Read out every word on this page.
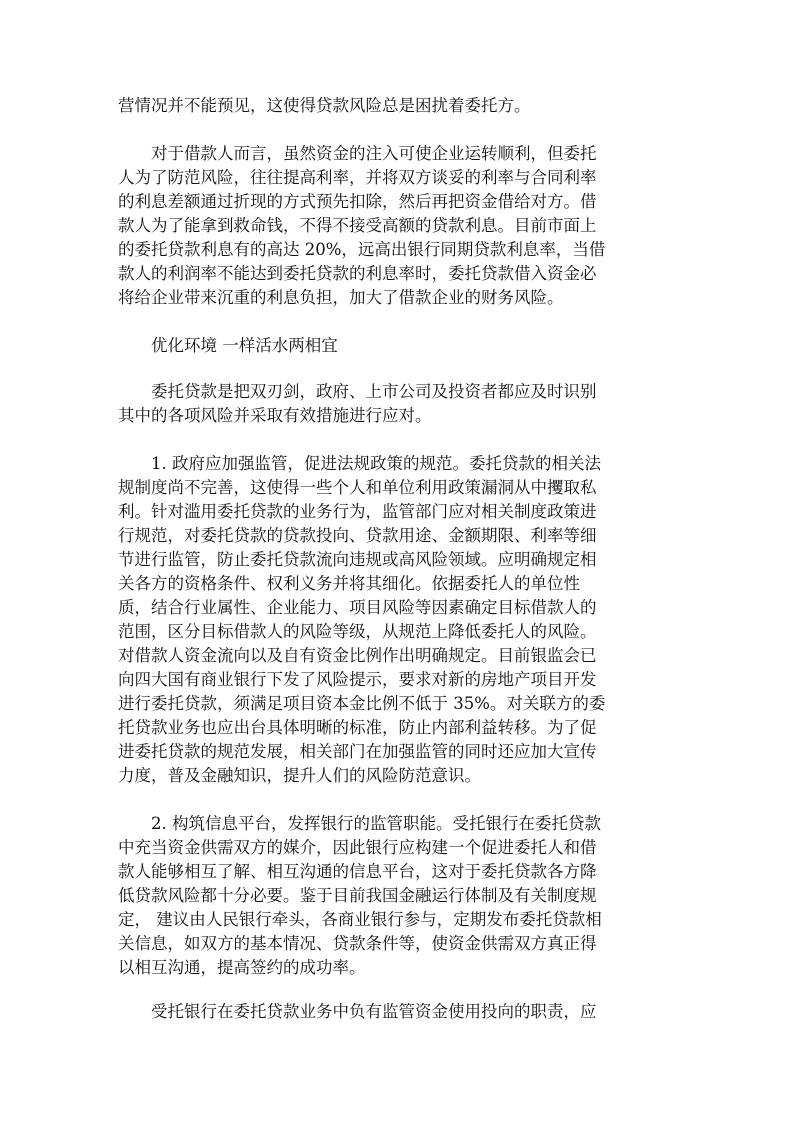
营情况并不能预见，这使得贷款风险总是困扰着委托方。

对于借款人而言，虽然资金的注入可使企业运转顺利，但委托
人为了防范风险，往往提高利率，并将双方谈妥的利率与合同利率
的利息差额通过折现的方式预先扣除，然后再把资金借给对方。借
款人为了能拿到救命钱，不得不接受高额的贷款利息。目前市面上
的委托贷款利息有的高达 20%，远高出银行同期贷款利息率，当借
款人的利润率不能达到委托贷款的利息率时，委托贷款借入资金必
将给企业带来沉重的利息负担，加大了借款企业的财务风险。

优化环境 一样活水两相宜

委托贷款是把双刃剑，政府、上市公司及投资者都应及时识别
其中的各项风险并采取有效措施进行应对。

1. 政府应加强监管，促进法规政策的规范。委托贷款的相关法
规制度尚不完善，这使得一些个人和单位利用政策漏洞从中攫取私
利。针对滥用委托贷款的业务行为，监管部门应对相关制度政策进
行规范，对委托贷款的贷款投向、贷款用途、金额期限、利率等细
节进行监管，防止委托贷款流向违规或高风险领域。应明确规定相
关各方的资格条件、权利义务并将其细化。依据委托人的单位性
质，结合行业属性、企业能力、项目风险等因素确定目标借款人的
范围，区分目标借款人的风险等级，从规范上降低委托人的风险。
对借款人资金流向以及自有资金比例作出明确规定。目前银监会已
向四大国有商业银行下发了风险提示，要求对新的房地产项目开发
进行委托贷款，须满足项目资本金比例不低于 35%。对关联方的委
托贷款业务也应出台具体明晰的标准，防止内部利益转移。为了促
进委托贷款的规范发展，相关部门在加强监管的同时还应加大宣传
力度，普及金融知识，提升人们的风险防范意识。

2. 构筑信息平台，发挥银行的监管职能。受托银行在委托贷款
中充当资金供需双方的媒介，因此银行应构建一个促进委托人和借
款人能够相互了解、相互沟通的信息平台，这对于委托贷款各方降
低贷款风险都十分必要。鉴于目前我国金融运行体制及有关制度规
定， 建议由人民银行牵头，各商业银行参与，定期发布委托贷款相
关信息，如双方的基本情况、贷款条件等，使资金供需双方真正得
以相互沟通，提高签约的成功率。

受托银行在委托贷款业务中负有监管资金使用投向的职责，应
